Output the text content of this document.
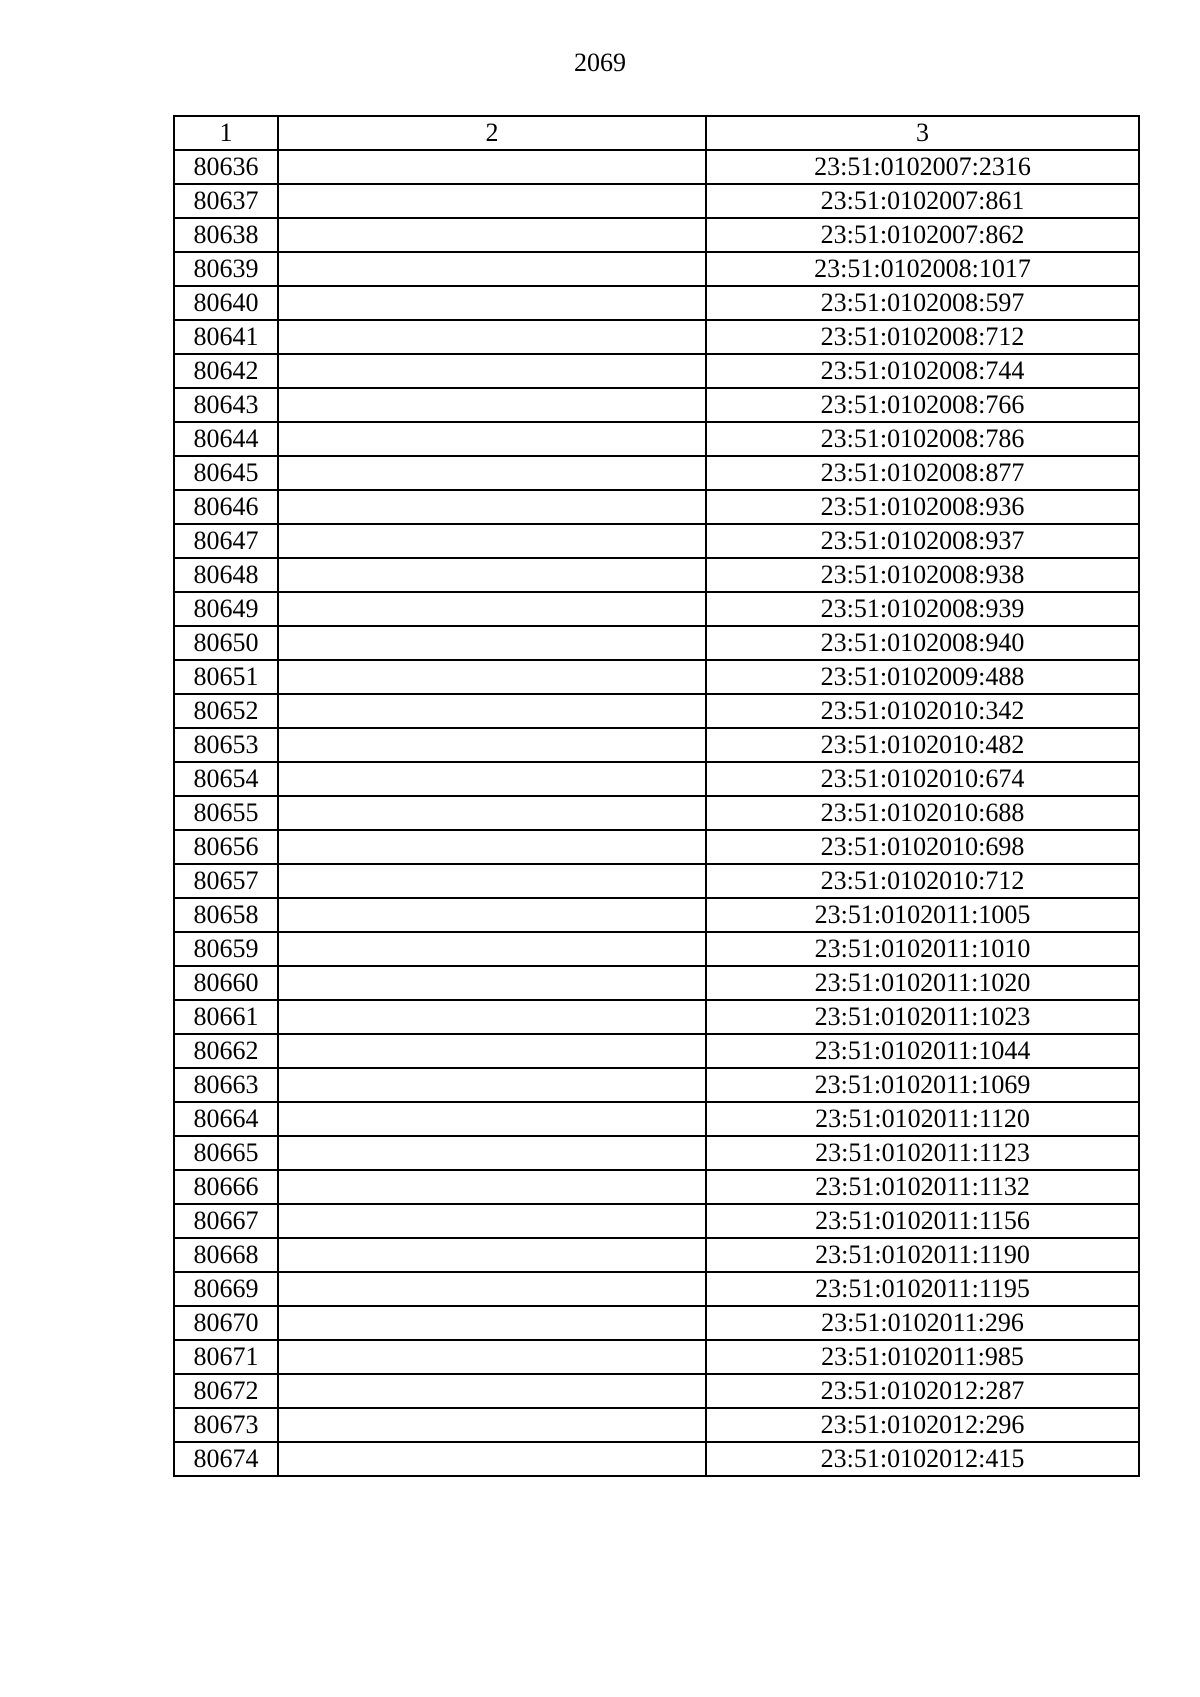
2069
1	2	3
80636		23:51:0102007:2316
80637		23:51:0102007:861
80638		23:51:0102007:862
80639		23:51:0102008:1017
80640		23:51:0102008:597
80641		23:51:0102008:712
80642		23:51:0102008:744
80643		23:51:0102008:766
80644		23:51:0102008:786
80645		23:51:0102008:877
80646		23:51:0102008:936
80647		23:51:0102008:937
80648		23:51:0102008:938
80649		23:51:0102008:939
80650		23:51:0102008:940
80651		23:51:0102009:488
80652		23:51:0102010:342
80653		23:51:0102010:482
80654		23:51:0102010:674
80655		23:51:0102010:688
80656		23:51:0102010:698
80657		23:51:0102010:712
80658		23:51:0102011:1005
80659		23:51:0102011:1010
80660		23:51:0102011:1020
80661		23:51:0102011:1023
80662		23:51:0102011:1044
80663		23:51:0102011:1069
80664		23:51:0102011:1120
80665		23:51:0102011:1123
80666		23:51:0102011:1132
80667		23:51:0102011:1156
80668		23:51:0102011:1190
80669		23:51:0102011:1195
80670		23:51:0102011:296
80671		23:51:0102011:985
80672		23:51:0102012:287
80673		23:51:0102012:296
80674		23:51:0102012:415
